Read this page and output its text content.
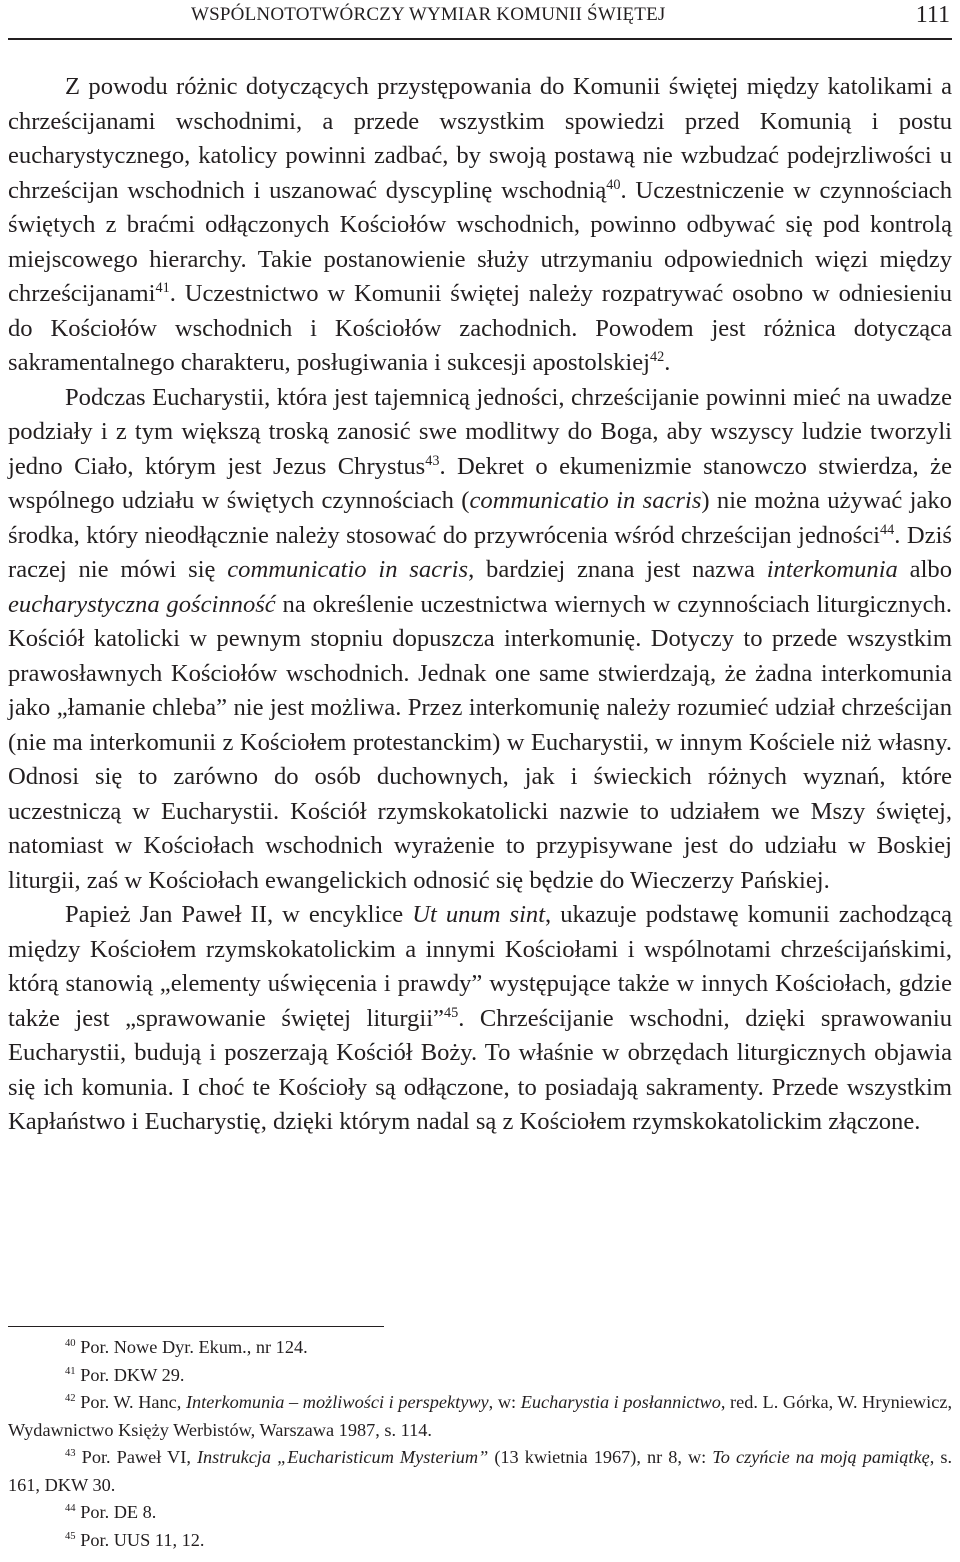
WSPÓLNOTOTWÓRCZY WYMIAR KOMUNII ŚWIĘTEJ	111

Z powodu różnic dotyczących przystępowania do Komunii świętej między katolikami a chrześcijanami wschodnimi, a przede wszystkim spowiedzi przed Komunią i postu eucharystycznego, katolicy powinni zadbać, by swoją postawą nie wzbudzać podejrzliwości u chrześcijan wschodnich i uszanować dyscyplinę wschodnią$^{40}$. Uczestniczenie w czynnościach świętych z braćmi odłączonych Kościołów wschodnich, powinno odbywać się pod kontrolą miejscowego hierarchy. Takie postanowienie służy utrzymaniu odpowiednich więzi między chrześcijanami$^{41}$. Uczestnictwo w Komunii świętej należy rozpatrywać osobno w odniesieniu do Kościołów wschodnich i Kościołów zachodnich. Powodem jest różnica dotycząca sakramentalnego charakteru, posługiwania i sukcesji apostolskiej$^{42}$.

Podczas Eucharystii, która jest tajemnicą jedności, chrześcijanie powinni mieć na uwadze podziały i z tym większą troską zanosić swe modlitwy do Boga, aby wszyscy ludzie tworzyli jedno Ciało, którym jest Jezus Chrystus$^{43}$. Dekret o ekumenizmie stanowczo stwierdza, że wspólnego udziału w świętych czynnościach (communicatio in sacris) nie można używać jako środka, który nieodłącznie należy stosować do przywrócenia wśród chrześcijan jedności$^{44}$. Dziś raczej nie mówi się communicatio in sacris, bardziej znana jest nazwa interkomunia albo eucharystyczna gościnność na określenie uczestnictwa wiernych w czynnościach liturgicznych. Kościół katolicki w pewnym stopniu dopuszcza interkomunię. Dotyczy to przede wszystkim prawosławnych Kościołów wschodnich. Jednak one same stwierdzają, że żadna interkomunia jako „łamanie chleba” nie jest możliwa. Przez interkomunię należy rozumieć udział chrześcijan (nie ma interkomunii z Kościołem protestanckim) w Eucharystii, w innym Kościele niż własny. Odnosi się to zarówno do osób duchownych, jak i świeckich różnych wyznań, które uczestniczą w Eucharystii. Kościół rzymskokatolicki nazwie to udziałem we Mszy świętej, natomiast w Kościołach wschodnich wyrażenie to przypisywane jest do udziału w Boskiej liturgii, zaś w Kościołach ewangelickich odnosić się będzie do Wieczerzy Pańskiej.

Papież Jan Paweł II, w encyklice Ut unum sint, ukazuje podstawę komunii zachodzącą między Kościołem rzymskokatolickim a innymi Kościołami i wspólnotami chrześcijańskimi, którą stanowią „elementy uświęcenia i prawdy” występujące także w innych Kościołach, gdzie także jest „sprawowanie świętej liturgii”$^{45}$. Chrześcijanie wschodni, dzięki sprawowaniu Eucharystii, budują i poszerzają Kościół Boży. To właśnie w obrzędach liturgicznych objawia się ich komunia. I choć te Kościoły są odłączone, to posiadają sakramenty. Przede wszystkim Kapłaństwo i Eucharystię, dzięki którym nadal są z Kościołem rzymskokatolickim złączone.

$^{40}$ Por. Nowe Dyr. Ekum., nr 124.

$^{41}$ Por. DKW 29.

$^{42}$ Por. W. Hanc, Interkomunia – możliwości i perspektywy, w: Eucharystia i posłannictwo, red. L. Górka, W. Hryniewicz, Wydawnictwo Księży Werbistów, Warszawa 1987, s. 114.

$^{43}$ Por. Paweł VI, Instrukcja „Eucharisticum Mysterium” (13 kwietnia 1967), nr 8, w: To czyńcie na moją pamiątkę, s. 161, DKW 30.

$^{44}$ Por. DE 8.

$^{45}$ Por. UUS 11, 12.
